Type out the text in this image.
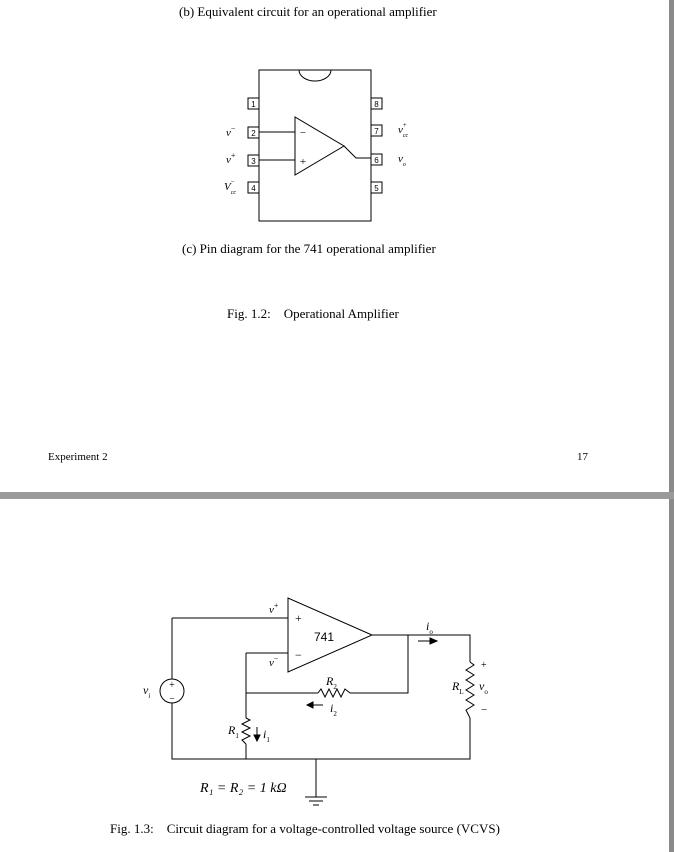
(b) Equivalent circuit for an operational amplifier
1
2
3
4
8
7
6
5
−
+
v−
v+
V− cc
v+ cc
$v_o$
(c) Pin diagram for the 741 operational amplifier
Fig. 1.2:    Operational Amplifier
Experiment 2	17
+
−
741
v+
v−
+
−
$v_i$
$R_1$ $i_1$
$R_2$
$i_2$
$i_o$
$R_L$
+
$v_o$
−
R₁ = R₂ = 1 kΩ
Fig. 1.3:    Circuit diagram for a voltage-controlled voltage source (VCVS)
